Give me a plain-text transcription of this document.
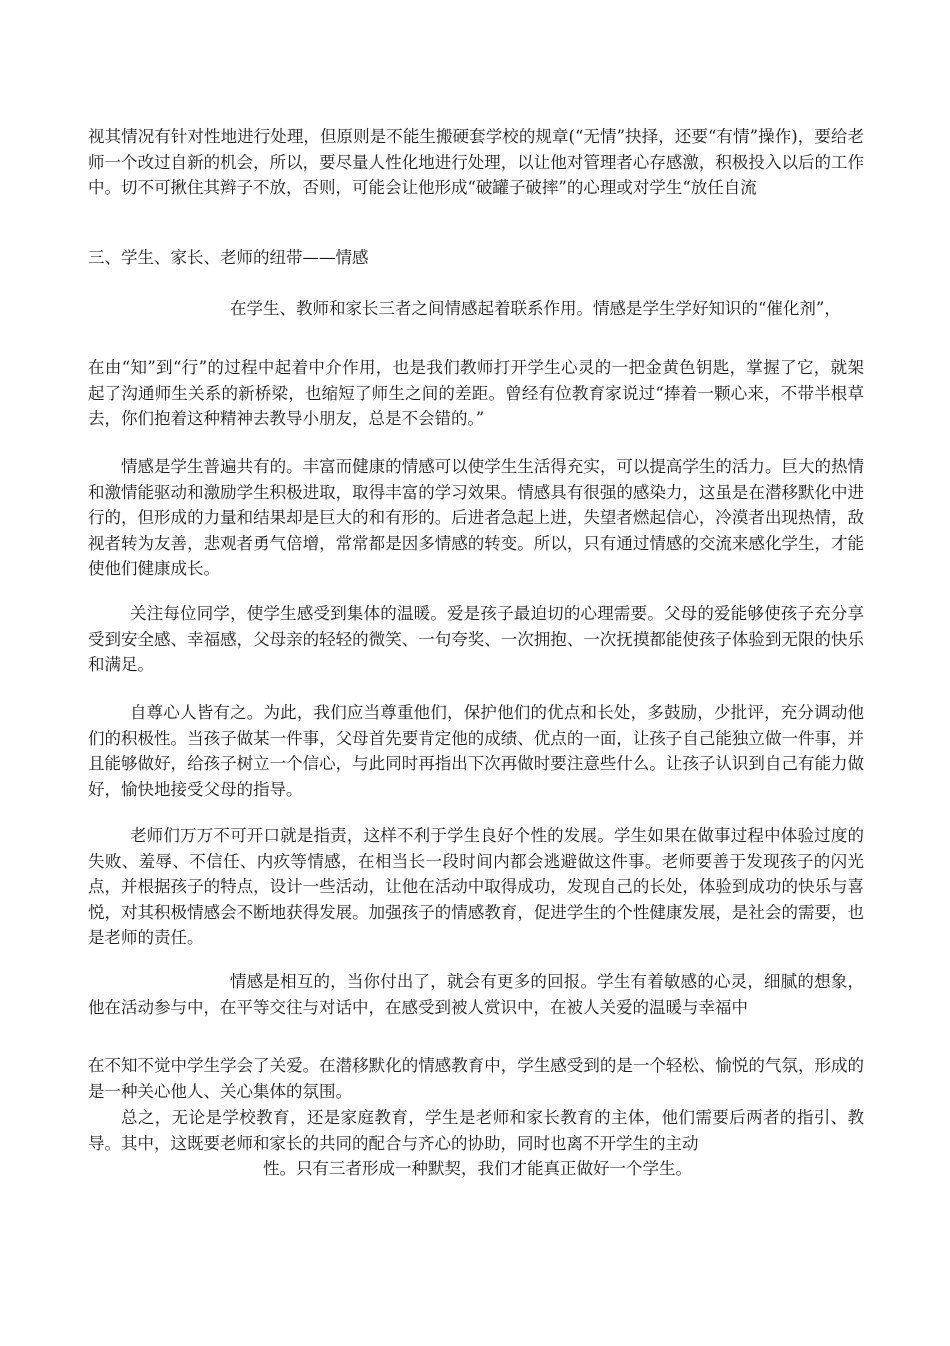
视其情况有针对性地进行处理，但原则是不能生搬硬套学校的规章(“无情”抉择，还要“有情”操作)，要给老师一个改过自新的机会，所以，要尽量人性化地进行处理，以让他对管理者心存感激，积极投入以后的工作中。切不可揪住其辫子不放，否则，可能会让他形成“破罐子破摔”的心理或对学生“放任自流
三、学生、家长、老师的纽带——情感
在学生、教师和家长三者之间情感起着联系作用。情感是学生学好知识的“催化剂”，
在由“知”到“行”的过程中起着中介作用，也是我们教师打开学生心灵的一把金黄色钥匙，掌握了它，就架起了沟通师生关系的新桥梁，也缩短了师生之间的差距。曾经有位教育家说过“捧着一颗心来，不带半根草去，你们抱着这种精神去教导小朋友，总是不会错的。”
情感是学生普遍共有的。丰富而健康的情感可以使学生生活得充实，可以提高学生的活力。巨大的热情和激情能驱动和激励学生积极进取，取得丰富的学习效果。情感具有很强的感染力，这虽是在潜移默化中进行的，但形成的力量和结果却是巨大的和有形的。后进者急起上进，失望者燃起信心，冷漠者出现热情，敌视者转为友善，悲观者勇气倍增，常常都是因多情感的转变。所以，只有通过情感的交流来感化学生，才能使他们健康成长。
关注每位同学，使学生感受到集体的温暖。爱是孩子最迫切的心理需要。父母的爱能够使孩子充分享受到安全感、幸福感，父母亲的轻轻的微笑、一句夸奖、一次拥抱、一次抚摸都能使孩子体验到无限的快乐和满足。
自尊心人皆有之。为此，我们应当尊重他们，保护他们的优点和长处，多鼓励，少批评，充分调动他们的积极性。当孩子做某一件事，父母首先要肯定他的成绩、优点的一面，让孩子自己能独立做一件事，并且能够做好，给孩子树立一个信心，与此同时再指出下次再做时要注意些什么。让孩子认识到自己有能力做好，愉快地接受父母的指导。
老师们万万不可开口就是指责，这样不利于学生良好个性的发展。学生如果在做事过程中体验过度的失败、羞辱、不信任、内疚等情感，在相当长一段时间内都会逃避做这件事。老师要善于发现孩子的闪光点，并根据孩子的特点，设计一些活动，让他在活动中取得成功，发现自己的长处，体验到成功的快乐与喜悦，对其积极情感会不断地获得发展。加强孩子的情感教育，促进学生的个性健康发展，是社会的需要，也是老师的责任。
情感是相互的，当你付出了，就会有更多的回报。学生有着敏感的心灵，细腻的想象，他在活动参与中，在平等交往与对话中，在感受到被人赏识中，在被人关爱的温暖与幸福中
在不知不觉中学生学会了关爱。在潜移默化的情感教育中，学生感受到的是一个轻松、愉悦的气氛，形成的是一种关心他人、关心集体的氛围。
总之，无论是学校教育，还是家庭教育，学生是老师和家长教育的主体，他们需要后两者的指引、教导。其中，这既要老师和家长的共同的配合与齐心的协助，同时也离不开学生的主动
性。只有三者形成一种默契，我们才能真正做好一个学生。
